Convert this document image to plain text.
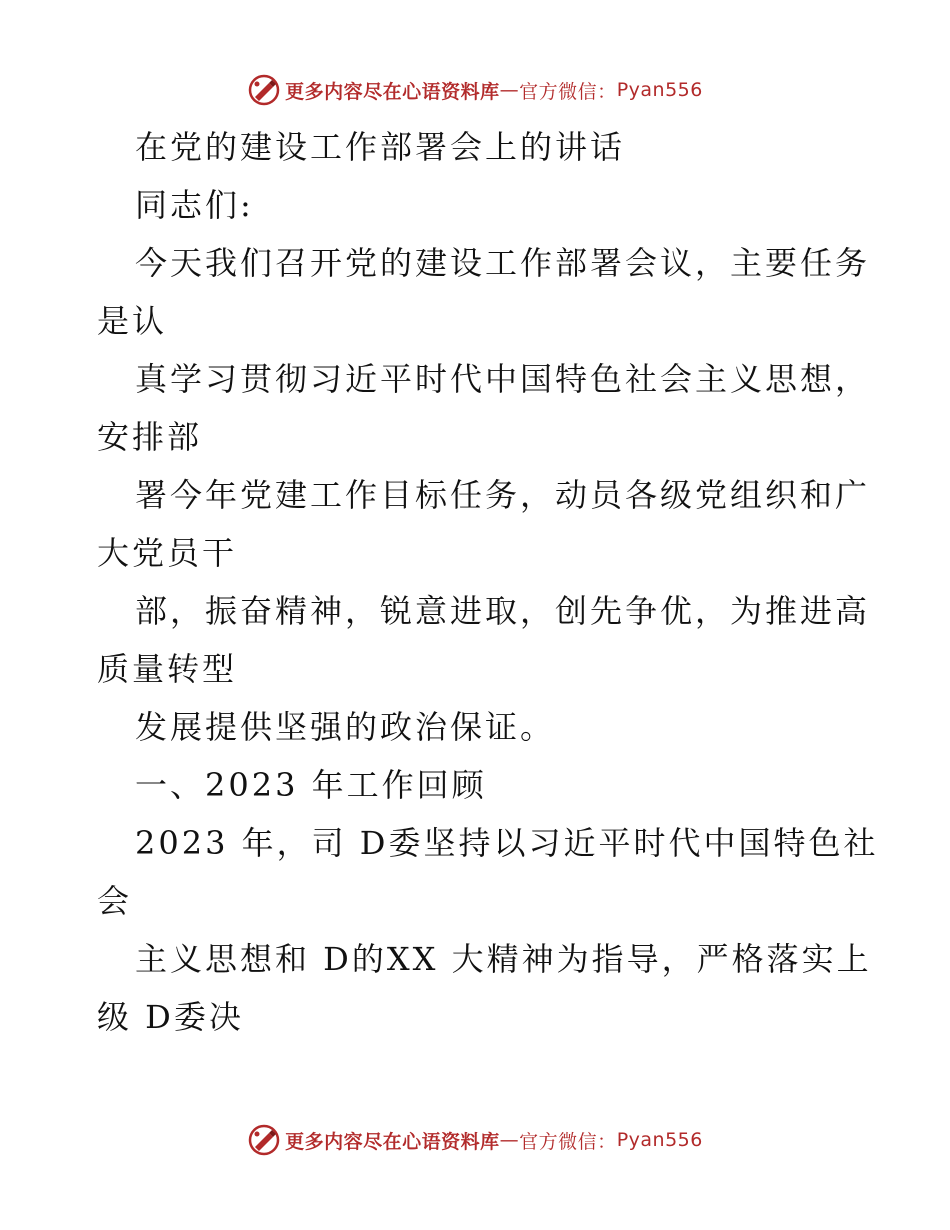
更多内容尽在心语资料库 — 官方微信： Pyan556
在党的建设工作部署会上的讲话
同志们:
今天我们召开党的建设工作部署会议，主要任务
是认
真学习贯彻习近平时代中国特色社会主义思想，
安排部
署今年党建工作目标任务，动员各级党组织和广
大党员干
部，振奋精神，锐意进取，创先争优，为推进高
质量转型
发展提供坚强的政治保证。
一、2023 年工作回顾
2023 年，司 D委坚持以习近平时代中国特色社
会
主义思想和 D的XX 大精神为指导，严格落实上
级 D委决
更多内容尽在心语资料库 — 官方微信： Pyan556
